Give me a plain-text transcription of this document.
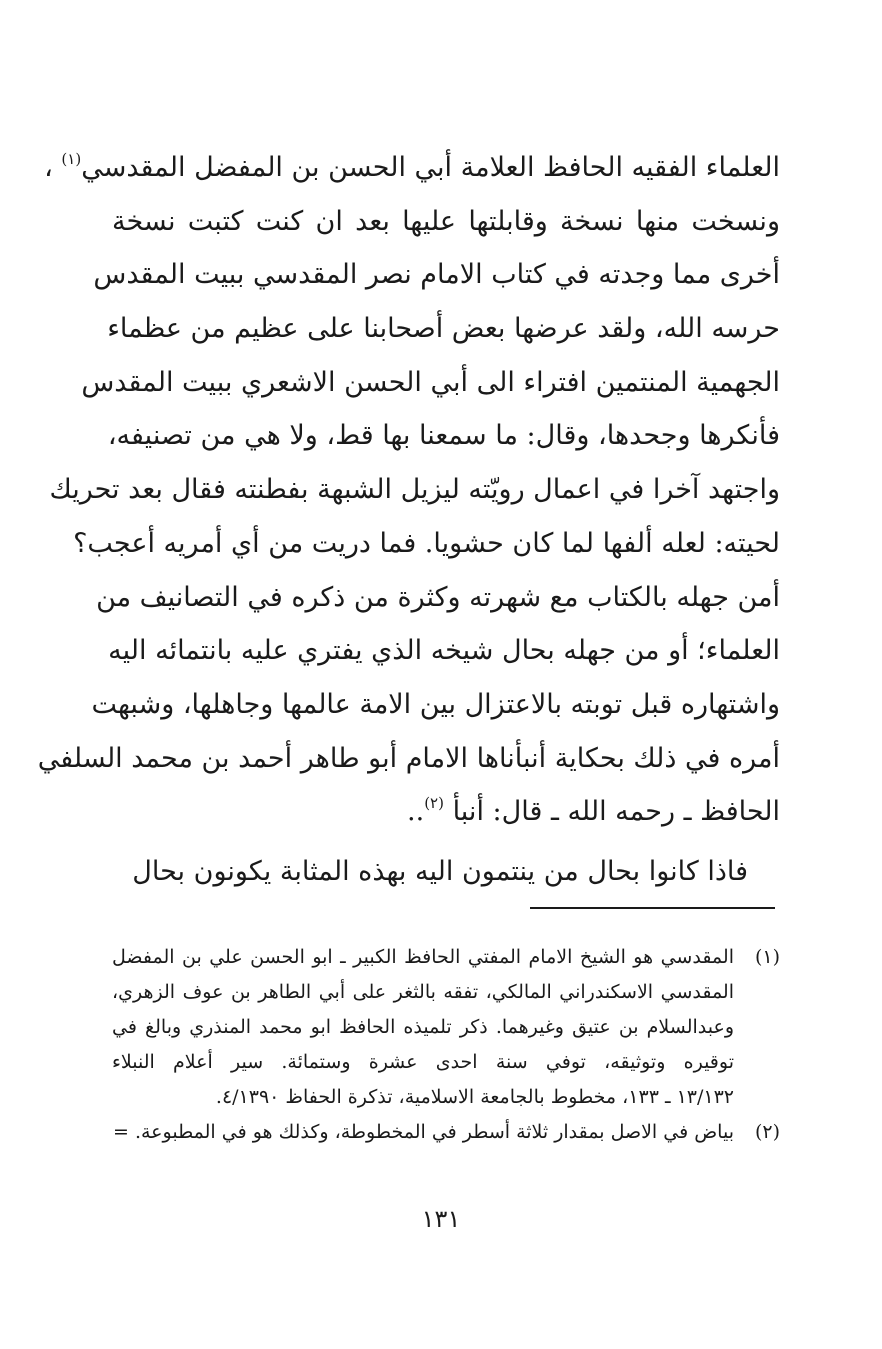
العلماء الفقيه الحافظ العلامة أبي الحسن بن المفضل المقدسي$^{(١)}$ ،
ونسخت منها نسخة وقابلتها عليها بعد ان كنت كتبت نسخة
أخرى مما وجدته في كتاب الامام نصر المقدسي ببيت المقدس
حرسه الله، ولقد عرضها بعض أصحابنا على عظيم من عظماء
الجهمية المنتمين افتراء الى أبي الحسن الاشعري ببيت المقدس
فأنكرها وجحدها، وقال: ما سمعنا بها قط، ولا هي من تصنيفه،
واجتهد آخرا في اعمال رويّته ليزيل الشبهة بفطنته فقال بعد تحريك
لحيته: لعله ألفها لما كان حشويا. فما دريت من أي أمريه أعجب؟
أمن جهله بالكتاب مع شهرته وكثرة من ذكره في التصانيف من
العلماء؛ أو من جهله بحال شيخه الذي يفتري عليه بانتمائه اليه
واشتهاره قبل توبته بالاعتزال بين الامة عالمها وجاهلها، وشبهت
أمره في ذلك بحكاية أنبأناها الامام أبو طاهر أحمد بن محمد السلفي
الحافظ ـ رحمه الله ـ قال: أنبأ $^{(٢)}$..
فاذا كانوا بحال من ينتمون اليه بهذه المثابة يكونون بحال
(١)
المقدسي هو الشيخ الامام المفتي الحافظ الكبير ـ ابو الحسن علي بن المفضل
المقدسي الاسكندراني المالكي، تفقه بالثغر على أبي الطاهر بن عوف الزهري،
وعبدالسلام بن عتيق وغيرهما. ذكر تلميذه الحافظ ابو محمد المنذري وبالغ في
توقيره وتوثيقه، توفي سنة احدى عشرة وستمائة. سير أعلام النبلاء
١٣/١٣٢ ـ ١٣٣، مخطوط بالجامعة الاسلامية، تذكرة الحفاظ ٤/١٣٩٠.
(٢)
بياض في الاصل بمقدار ثلاثة أسطر في المخطوطة، وكذلك هو في المطبوعة. =
١٣١
